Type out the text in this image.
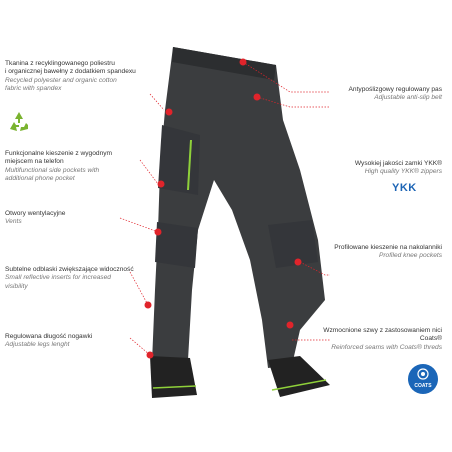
Tkanina z recyklingowanego poliestru
i organicznej bawełny z dodatkiem spandexu
Recycled polyester and organic cotton
fabric with spandex
Funkcjonalne kieszenie z wygodnym
miejscem na telefon
Multifunctional side pockets with
additional phone pocket
Otwory wentylacyjne
Vents
Subtelne odblaski zwiększające widoczność
Small reflective inserts for increased
visibility
Regulowana długość nogawki
Adjustable legs lenght
Antypoślizgowy regulowany pas
Adjustable anti-slip belt
Wysokiej jakości zamki YKK®
High quality YKK® zippers
YKK
Profilowane kieszenie na nakolanniki
Profiled knee pockets
Wzmocnione szwy z zastosowaniem nici
Coats®
Reinforced seams with Coats® threds
COATS
